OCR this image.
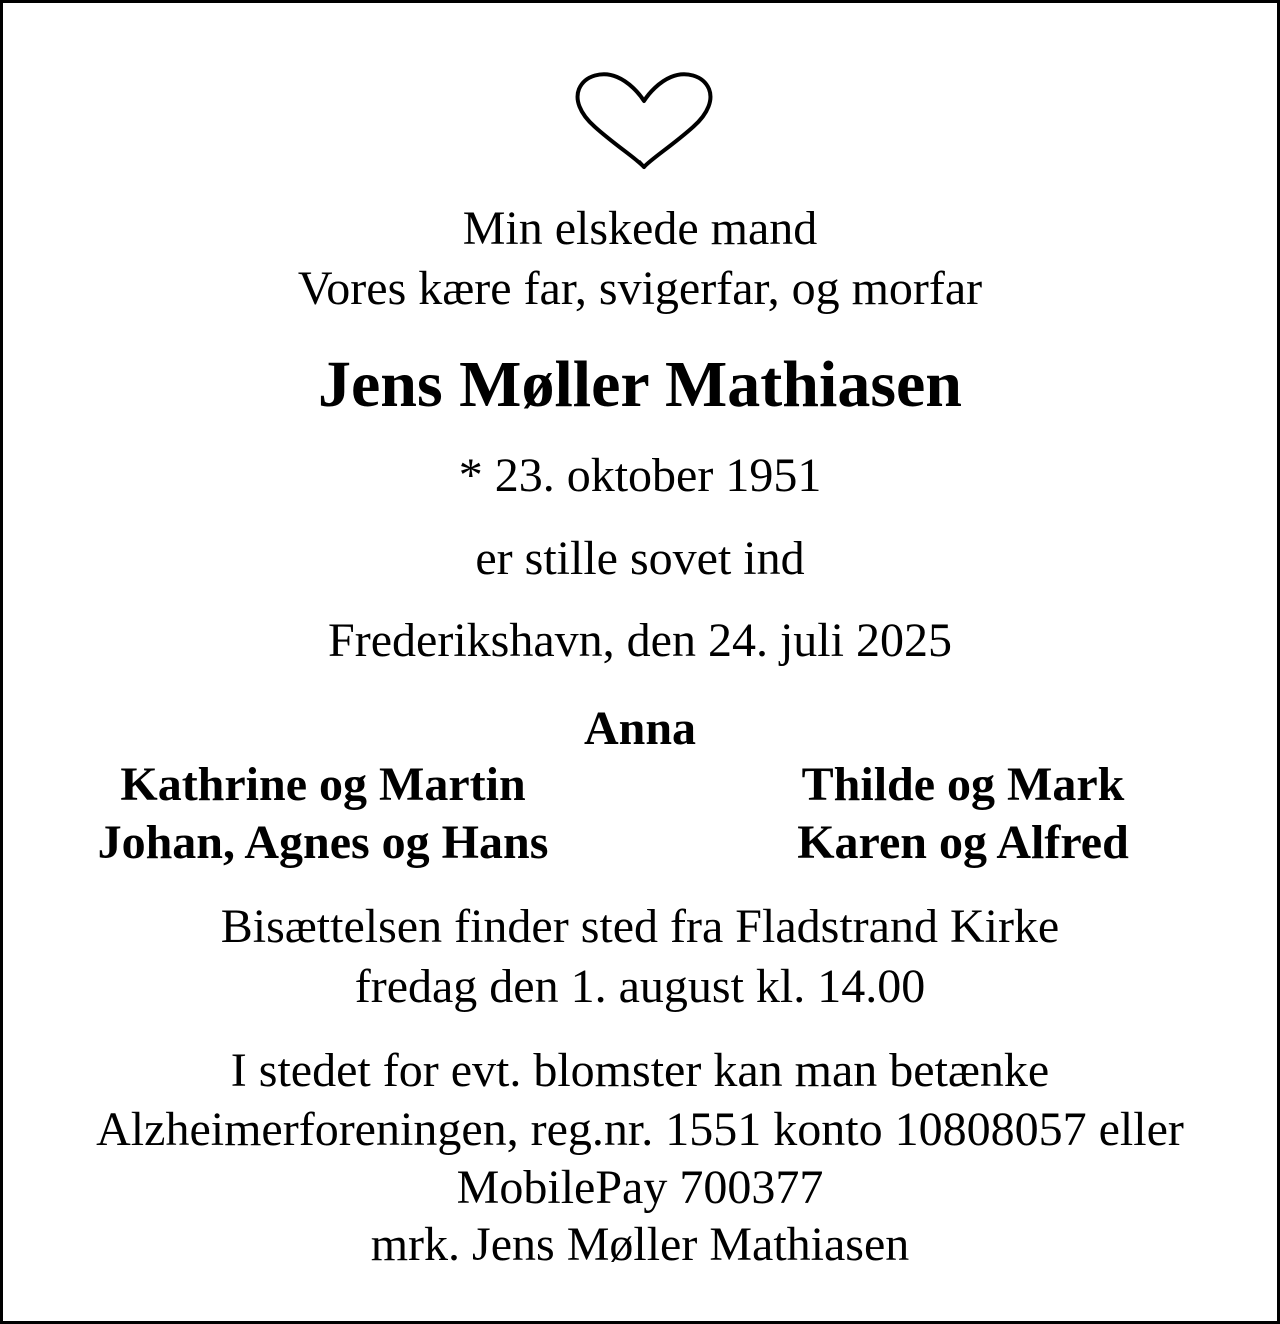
Min elskede mand
Vores kære far, svigerfar, og morfar
Jens Møller Mathiasen
* 23. oktober 1951
er stille sovet ind
Frederikshavn, den 24. juli 2025
Anna
Kathrine og Martin
Johan, Agnes og Hans
Thilde og Mark
Karen og Alfred
Bisættelsen finder sted fra Fladstrand Kirke
fredag den 1. august kl. 14.00
I stedet for evt. blomster kan man betænke
Alzheimerforeningen, reg.nr. 1551 konto 10808057 eller
MobilePay 700377
mrk. Jens Møller Mathiasen
